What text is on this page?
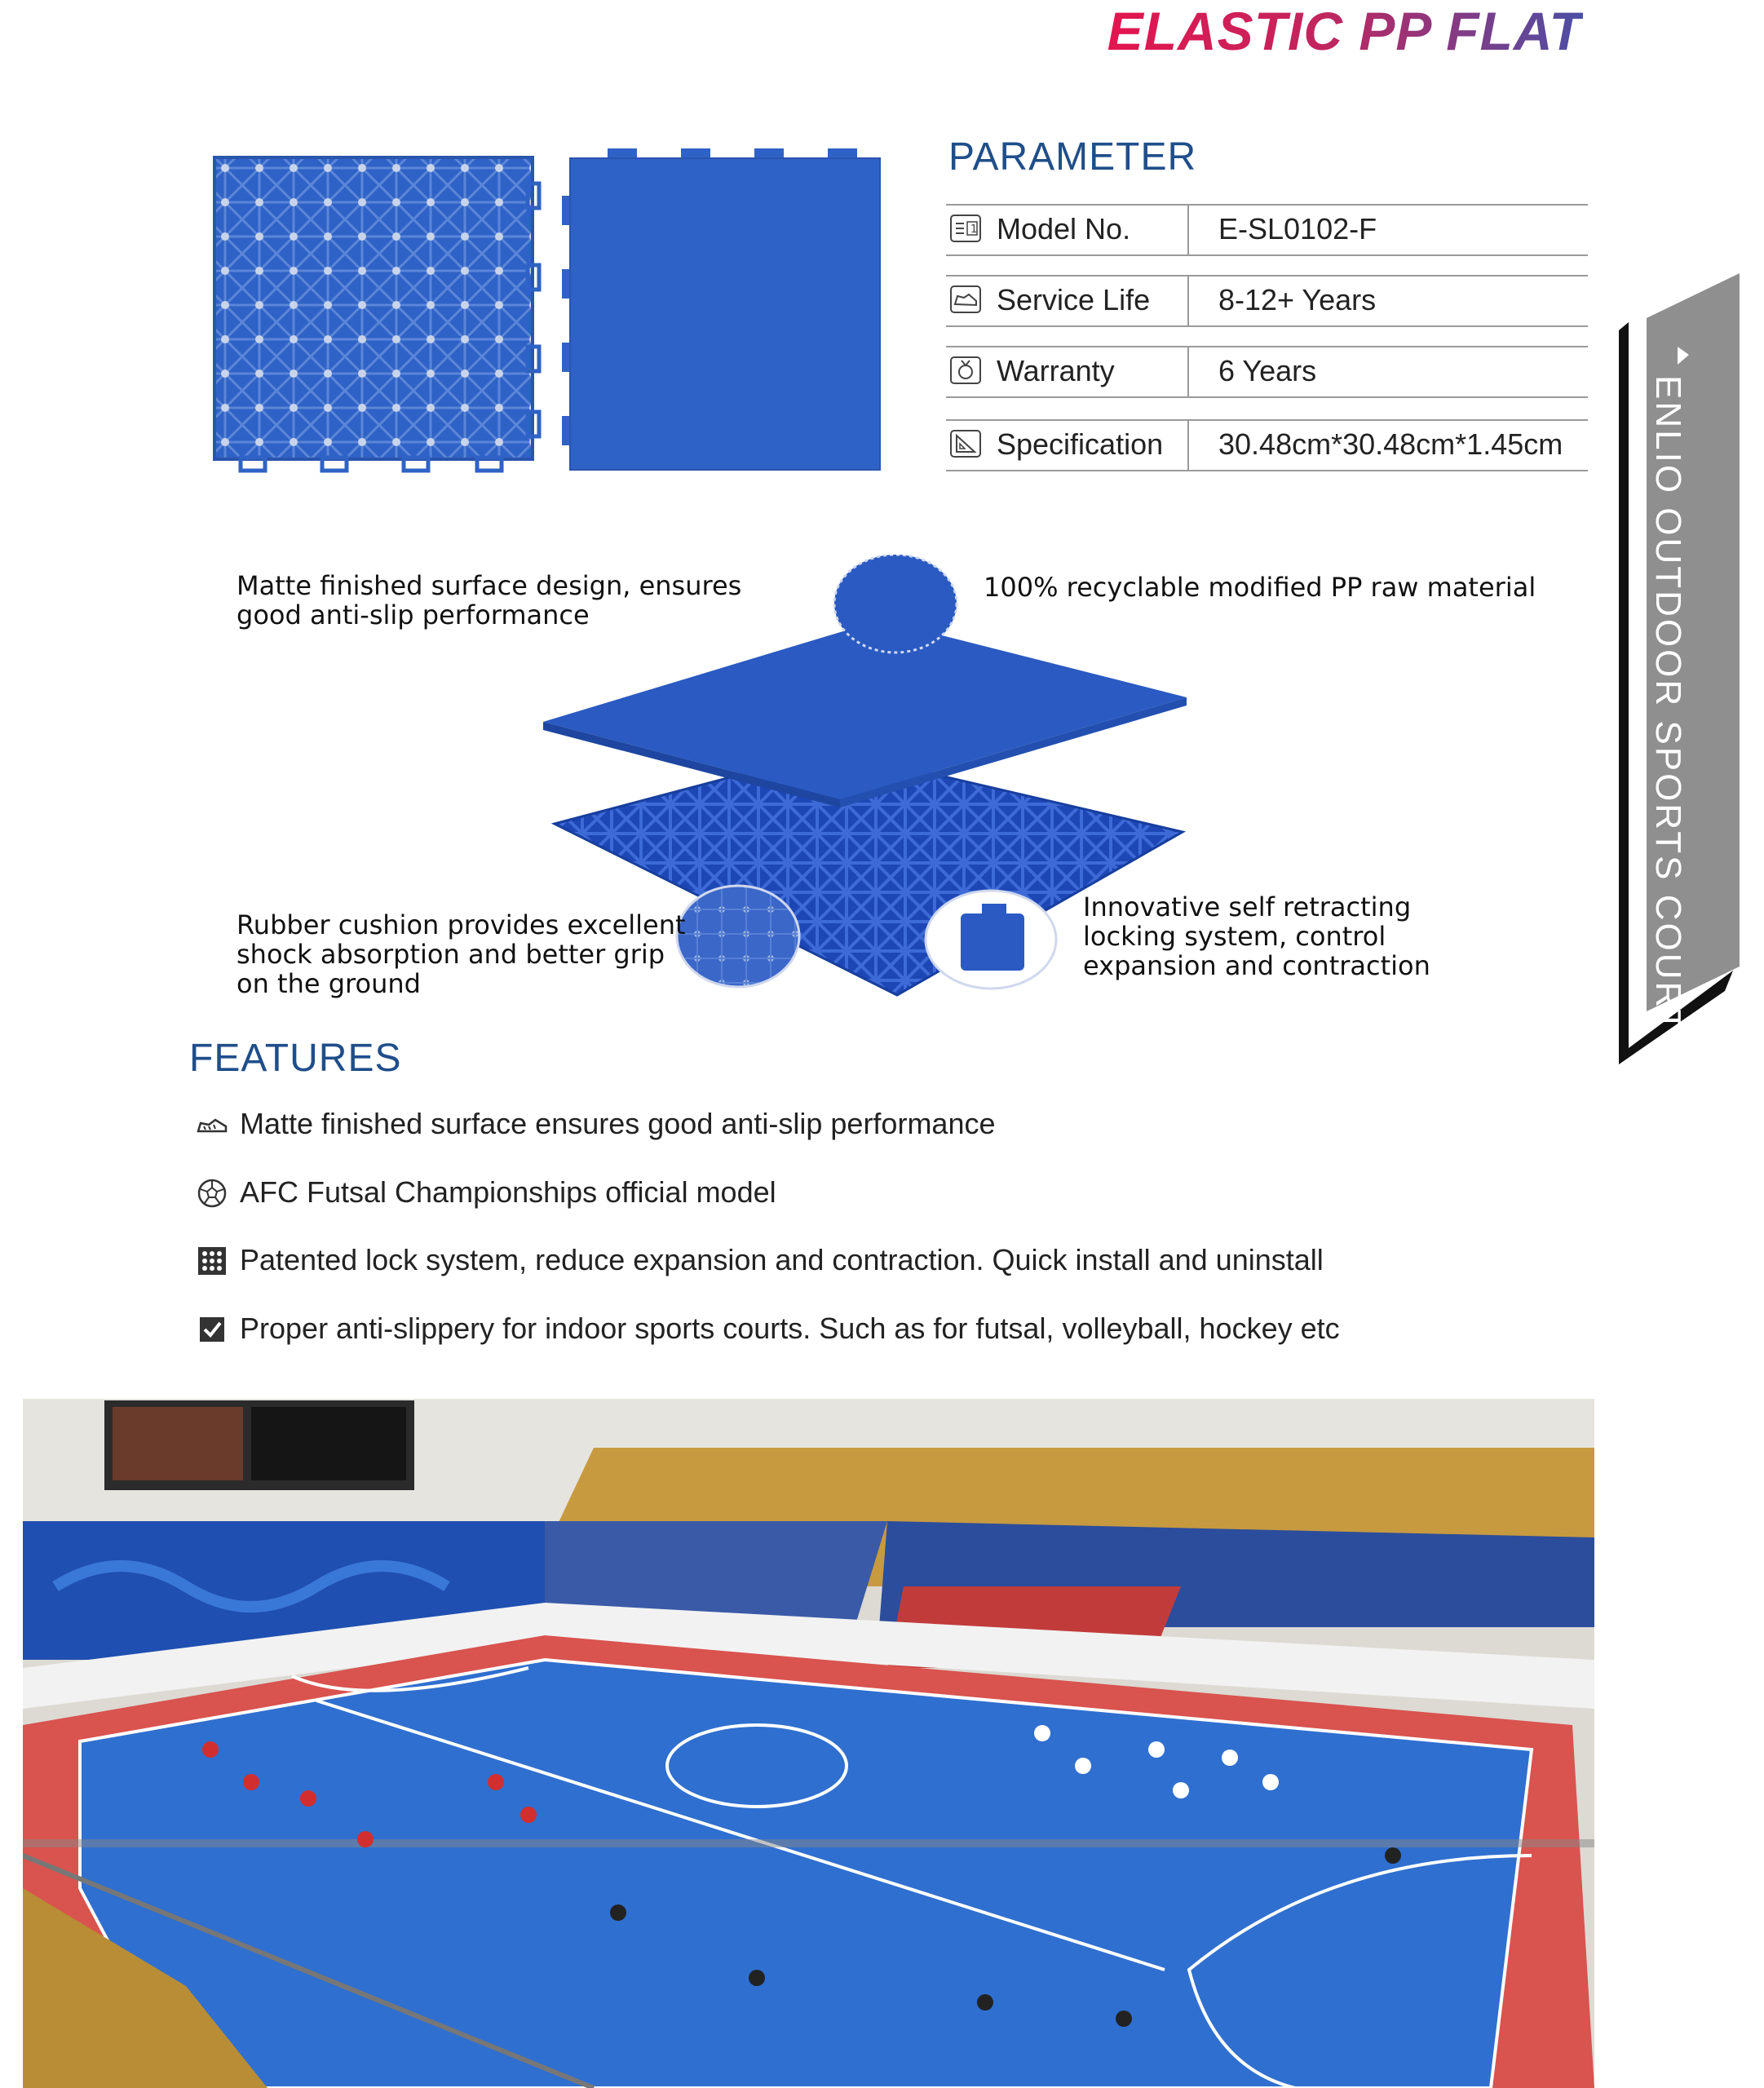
ELASTIC PP FLAT
PARAMETER
1 Model No.	E-SL0102-F
Service Life 8-12+ Years
Warranty	6 Years
Specification 30.48cm*30.48cm*1.45cm
Matte finished surface design, ensures good anti-slip performance
100% recyclable modified PP raw material
Rubber cushion provides excellent shock absorption and better grip on the ground
Innovative self retracting locking system, control expansion and contraction
FEATURES
Matte finished surface ensures good anti-slip performance
AFC Futsal Championships official model
Patented lock system, reduce expansion and contraction. Quick install and uninstall
Proper anti-slippery for indoor sports courts. Such as for futsal, volleyball, hockey etc
ENLIO OUTDOOR SPORTS COURT
